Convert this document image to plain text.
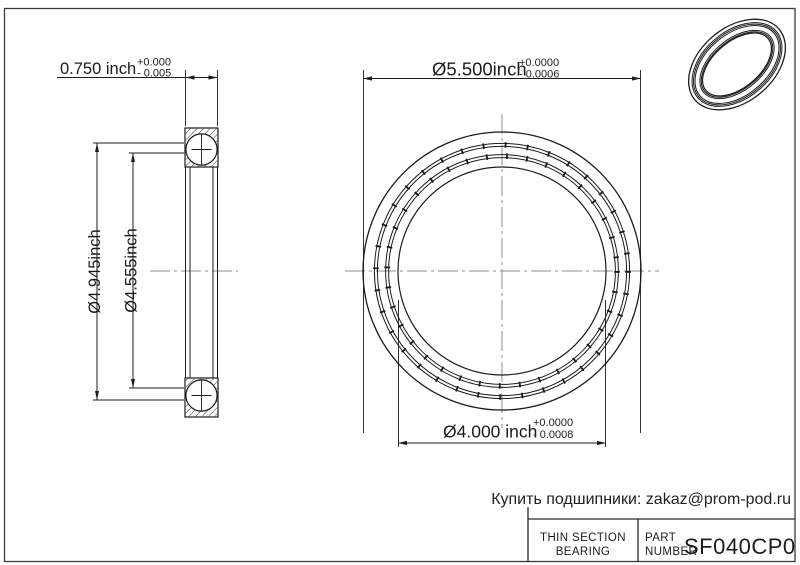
0.750 inch +0.000
- 0.005
Ø4.945inch Ø4.555inch
Ø5.500inch
+0.0000
- 0.0006
Ø4.000 inch
+0.0000
- 0.0008
Купить подшипники: zakaz@prom-pod.ru
THIN SECTION
BEARING
PART
NUMBER
SF040CP0
